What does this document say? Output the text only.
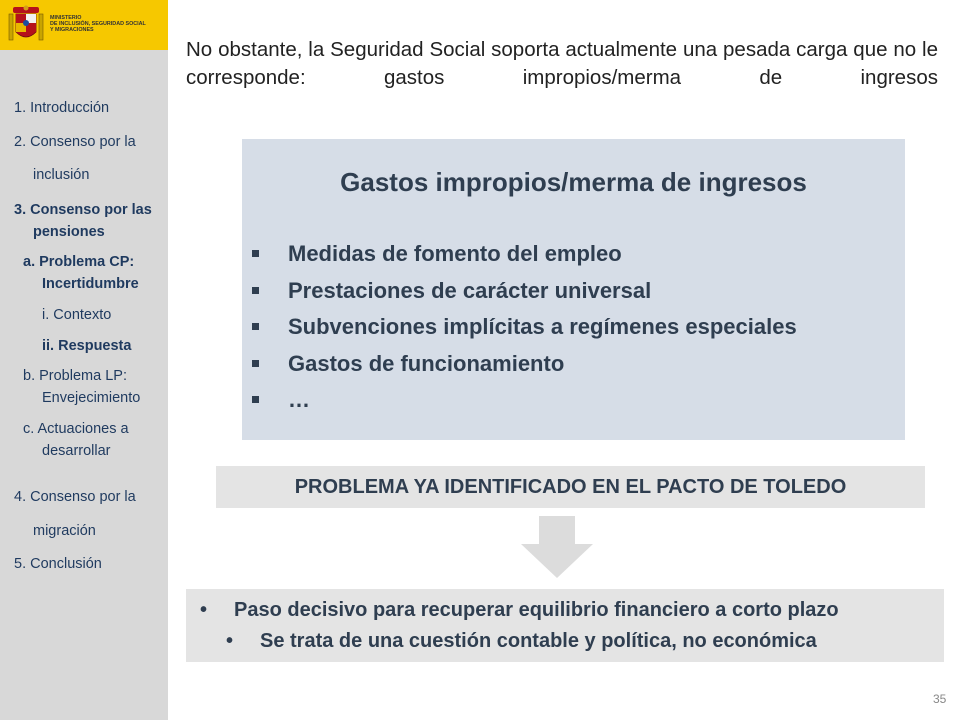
MINISTERIO
DE INCLUSIÓN, SEGURIDAD SOCIAL
Y MIGRACIONES
1. Introducción
2. Consenso por la
inclusión
3. Consenso por las
pensiones
a. Problema CP:
Incertidumbre
i. Contexto
ii. Respuesta
b. Problema LP:
Envejecimiento
c. Actuaciones a
desarrollar
4. Consenso por la
migración
5. Conclusión
No obstante, la Seguridad Social soporta actualmente una pesada carga que no le corresponde: gastos impropios/merma de ingresos
Gastos impropios/merma de ingresos
Medidas de fomento del empleo
Prestaciones de carácter universal
Subvenciones implícitas a regímenes especiales
Gastos de funcionamiento
…
PROBLEMA YA IDENTIFICADO EN EL PACTO DE TOLEDO
• Paso decisivo para recuperar equilibrio financiero a corto plazo
• Se trata de una cuestión contable y política, no económica
35
